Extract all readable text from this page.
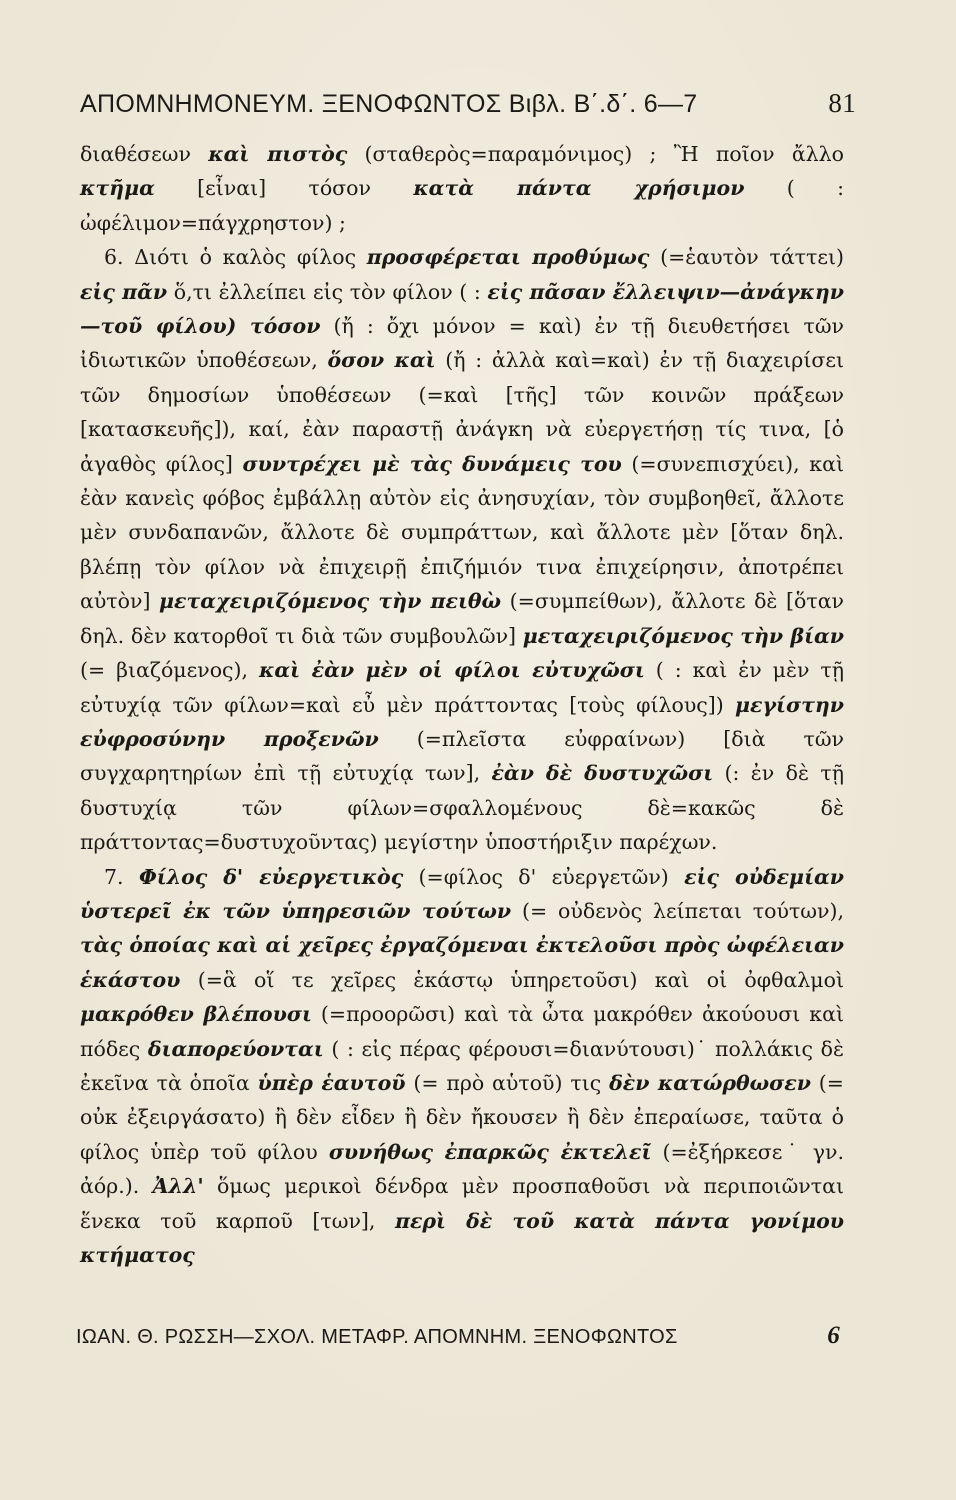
ΑΠΟΜΝΗΜΟΝΕΥΜ. ΞΕΝΟΦΩΝΤΟΣ Βιβλ. Β΄.δ΄. 6—7	81

διαθέσεων καὶ πιστὸς (σταθερὸς=παραμόνιμος) ; Ἢ ποῖον ἄλλο κτῆμα [εἶναι] τόσον κατὰ πάντα χρήσιμον ( : ὠφέλιμον=πάγχρηστον) ;

6. Διότι ὁ καλὸς φίλος προσφέρεται προθύμως (=ἑαυτὸν τάττει) εἰς πᾶν ὅ,τι ἐλλείπει εἰς τὸν φίλον ( : εἰς πᾶσαν ἔλλειψιν—ἀνάγκην—τοῦ φίλου) τόσον (ἤ : ὄχι μόνον = καὶ) ἐν τῇ διευθετήσει τῶν ἰδιωτικῶν ὑποθέσεων, ὅσον καὶ (ἤ : ἀλλὰ καὶ=καὶ) ἐν τῇ διαχειρίσει τῶν δημοσίων ὑποθέσεων (=καὶ [τῆς] τῶν κοινῶν πράξεων [κατασκευῆς]), καί, ἐὰν παραστῇ ἀνάγκη νὰ εὐεργετήσῃ τίς τινα, [ὁ ἀγαθὸς φίλος] συντρέχει μὲ τὰς δυνάμεις του (=συνεπισχύει), καὶ ἐὰν κανεὶς φόβος ἐμβάλλῃ αὐτὸν εἰς ἀνησυχίαν, τὸν συμβοηθεῖ, ἄλλοτε μὲν συνδαπανῶν, ἄλλοτε δὲ συμπράττων, καὶ ἄλλοτε μὲν [ὅταν δηλ. βλέπῃ τὸν φίλον νὰ ἐπιχειρῇ ἐπιζήμιόν τινα ἐπιχείρησιν, ἀποτρέπει αὐτὸν] μεταχειριζόμενος τὴν πειθὼ (=συμπείθων), ἄλλοτε δὲ [ὅταν δηλ. δὲν κατορθοῖ τι διὰ τῶν συμβουλῶν] μεταχειριζόμενος τὴν βίαν (= βιαζόμενος), καὶ ἐὰν μὲν οἱ φίλοι εὐτυχῶσι ( : καὶ ἐν μὲν τῇ εὐτυχίᾳ τῶν φίλων=καὶ εὖ μὲν πράττοντας [τοὺς φίλους]) μεγίστην εὐφροσύνην προξενῶν (=πλεῖστα εὐφραίνων) [διὰ τῶν συγχαρητηρίων ἐπὶ τῇ εὐτυχίᾳ των], ἐὰν δὲ δυστυχῶσι (: ἐν δὲ τῇ δυστυχίᾳ τῶν φίλων=σφαλλομένους δὲ=κακῶς δὲ πράττοντας=δυστυχοῦντας) μεγίστην ὑποστήριξιν παρέχων.

7. Φίλος δ' εὐεργετικὸς (=φίλος δ' εὐεργετῶν) εἰς οὐδεμίαν ὑστερεῖ ἐκ τῶν ὑπηρεσιῶν τούτων (= οὐδενὸς λείπεται τούτων), τὰς ὁποίας καὶ αἱ χεῖρες ἐργαζόμεναι ἐκτελοῦσι πρὸς ὠφέλειαν ἑκάστου (=ἃ οἵ τε χεῖρες ἑκάστῳ ὑπηρετοῦσι) καὶ οἱ ὀφθαλμοὶ μακρόθεν βλέπουσι (=προορῶσι) καὶ τὰ ὦτα μακρόθεν ἀκούουσι καὶ πόδες διαπορεύονται ( : εἰς πέρας φέρουσι=διανύτουσι)˙ πολλάκις δὲ ἐκεῖνα τὰ ὁποῖα ὑπὲρ ἑαυτοῦ (= πρὸ αὑτοῦ) τις δὲν κατώρθωσεν (= οὐκ ἐξειργάσατο) ἢ δὲν εἶδεν ἢ δὲν ἤκουσεν ἢ δὲν ἐπεραίωσε, ταῦτα ὁ φίλος ὑπὲρ τοῦ φίλου συνήθως ἐπαρκῶς ἐκτελεῖ (=ἐξήρκεσε˙ γν. ἀόρ.). Ἀλλ' ὅμως μερικοὶ δένδρα μὲν προσπαθοῦσι νὰ περιποιῶνται ἕνεκα τοῦ καρποῦ [των], περὶ δὲ τοῦ κατὰ πάντα γονίμου κτήματος

ΙΩΑΝ. Θ. ΡΩΣΣΗ—ΣΧΟΛ. ΜΕΤΑΦΡ. ΑΠΟΜΝΗΜ. ΞΕΝΟΦΩΝΤΟΣ	6
